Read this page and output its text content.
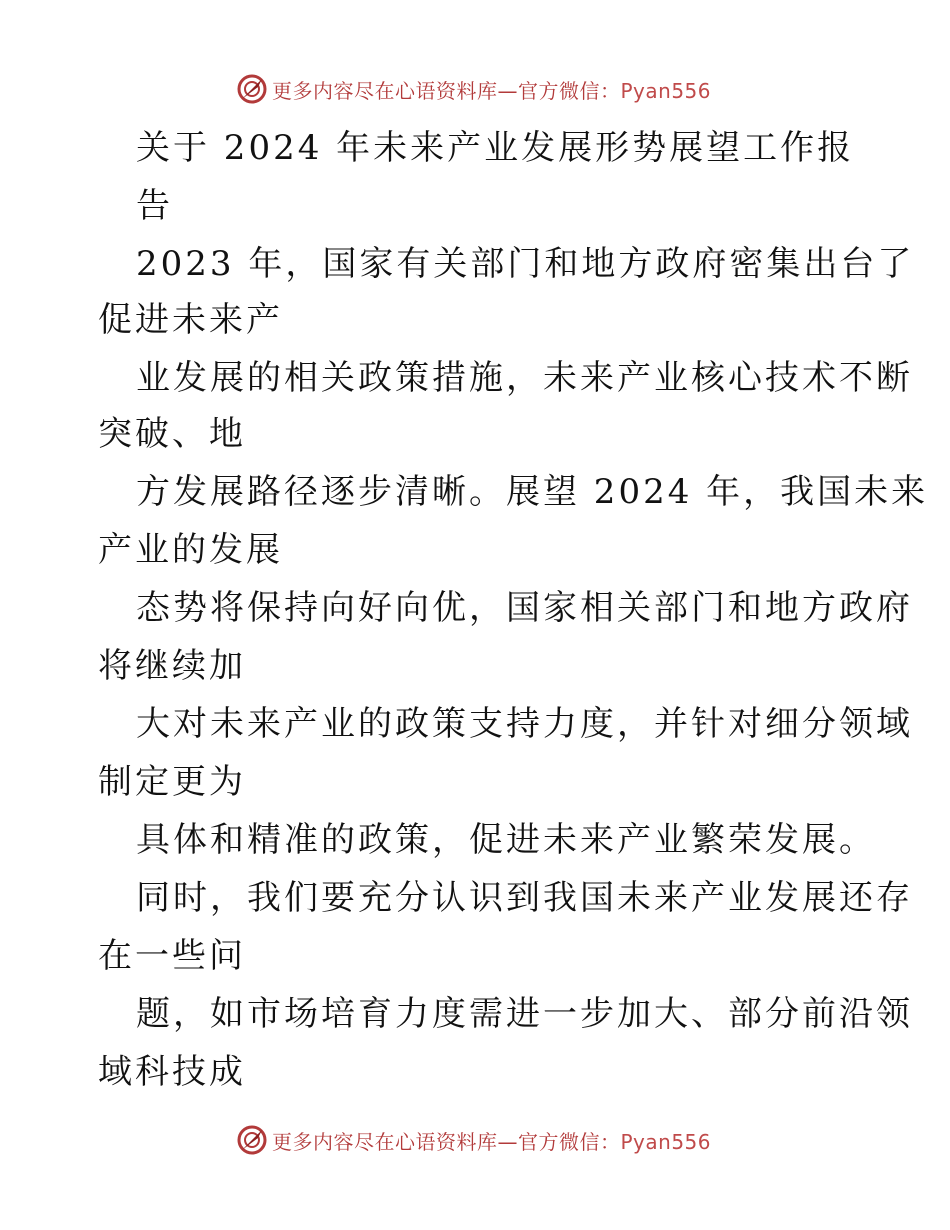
更多内容尽在心语资料库—官方微信：Pyan556

关于 2024 年未来产业发展形势展望工作报

告

2023 年，国家有关部门和地方政府密集出台了

促进未来产

业发展的相关政策措施，未来产业核心技术不断

突破、地

方发展路径逐步清晰。展望 2024 年，我国未来

产业的发展

态势将保持向好向优，国家相关部门和地方政府

将继续加

大对未来产业的政策支持力度，并针对细分领域

制定更为

具体和精准的政策，促进未来产业繁荣发展。

同时，我们要充分认识到我国未来产业发展还存

在一些问

题，如市场培育力度需进一步加大、部分前沿领

域科技成

更多内容尽在心语资料库—官方微信：Pyan556
